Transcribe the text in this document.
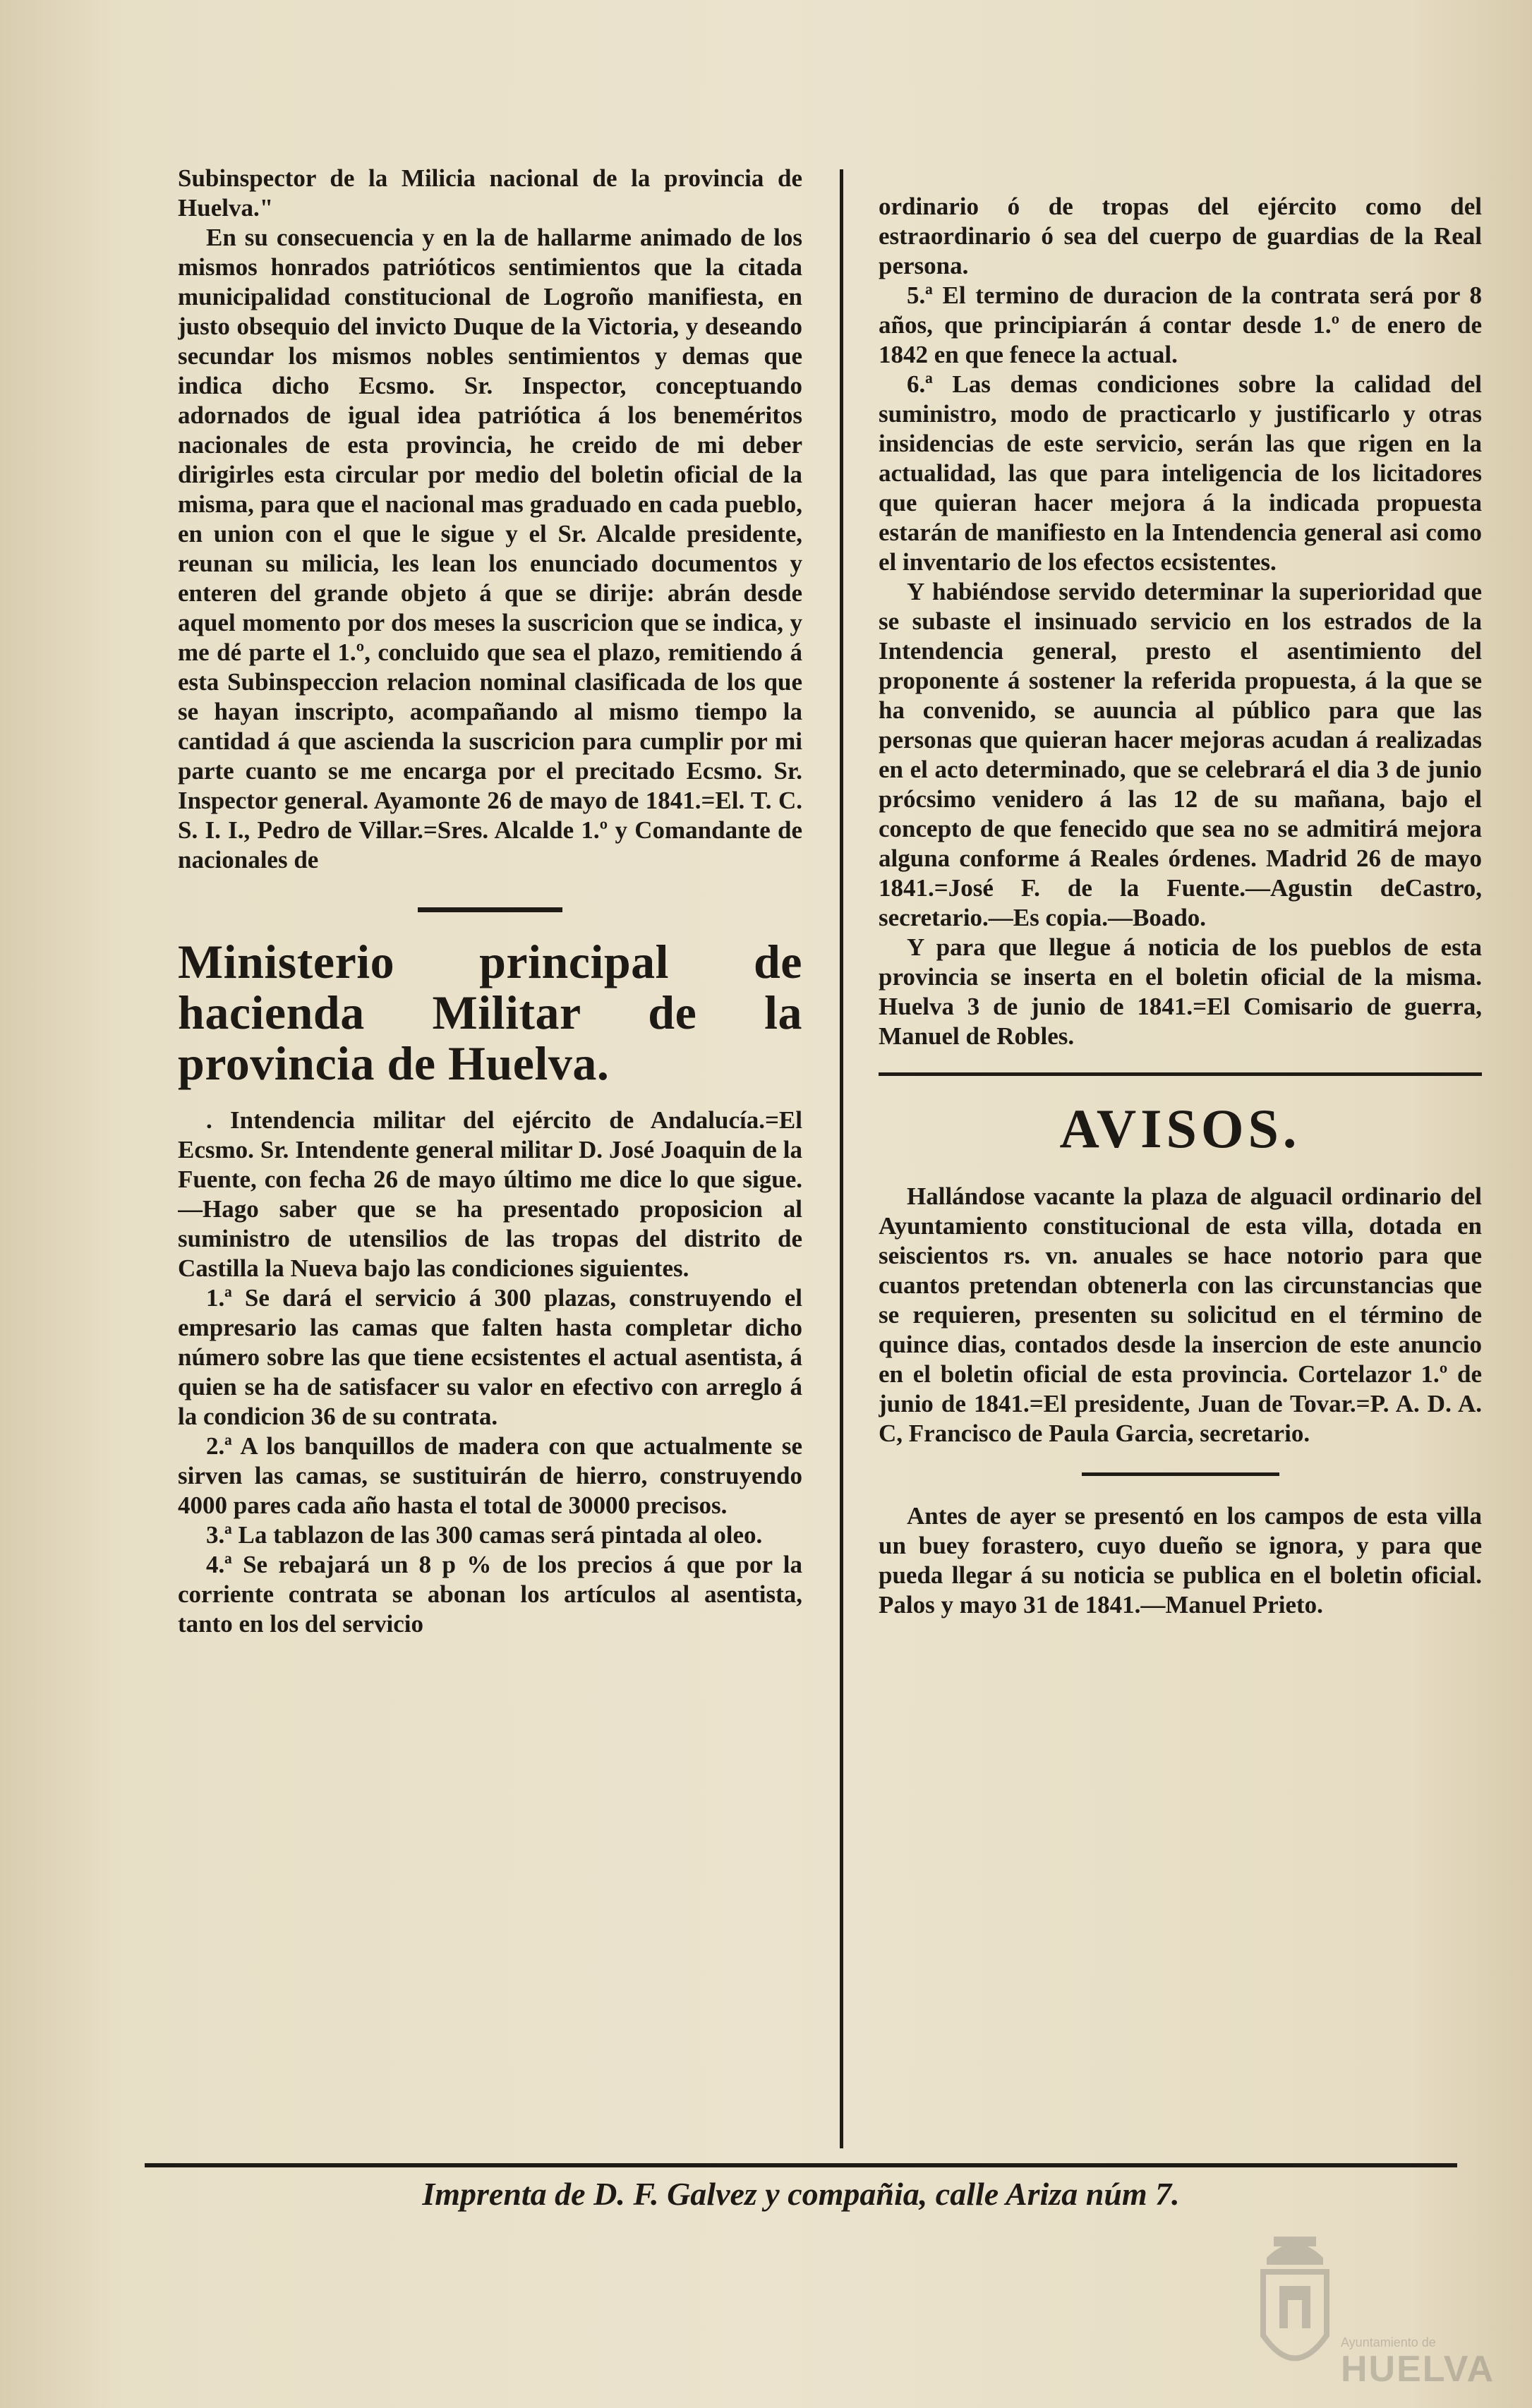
Subinspector de la Milicia nacional de la provincia de Huelva."

En su consecuencia y en la de hallarme animado de los mismos honrados patrióticos sentimientos que la citada municipalidad constitucional de Logroño manifiesta, en justo obsequio del invicto Duque de la Victoria, y deseando secundar los mismos nobles sentimientos y demas que indica dicho Ecsmo. Sr. Inspector, conceptuando adornados de igual idea patriótica á los beneméritos nacionales de esta provincia, he creido de mi deber dirigirles esta circular por medio del boletin oficial de la misma, para que el nacional mas graduado en cada pueblo, en union con el que le sigue y el Sr. Alcalde presidente, reunan su milicia, les lean los enunciado documentos y enteren del grande objeto á que se dirije: abrán desde aquel momento por dos meses la suscricion que se indica, y me dé parte el 1.º, concluido que sea el plazo, remitiendo á esta Subinspeccion relacion nominal clasificada de los que se hayan inscripto, acompañando al mismo tiempo la cantidad á que ascienda la suscricion para cumplir por mi parte cuanto se me encarga por el precitado Ecsmo. Sr. Inspector general. Ayamonte 26 de mayo de 1841.=El. T. C. S. I. I., Pedro de Villar.=Sres. Alcalde 1.º y Comandante de nacionales de

Ministerio principal de hacienda Militar de la provincia de Huelva.

. Intendencia militar del ejército de Andalucía.=El Ecsmo. Sr. Intendente general militar D. José Joaquin de la Fuente, con fecha 26 de mayo último me dice lo que sigue.—Hago saber que se ha presentado proposicion al suministro de utensilios de las tropas del distrito de Castilla la Nueva bajo las condiciones siguientes.

1.ª Se dará el servicio á 300 plazas, construyendo el empresario las camas que falten hasta completar dicho número sobre las que tiene ecsistentes el actual asentista, á quien se ha de satisfacer su valor en efectivo con arreglo á la condicion 36 de su contrata.

2.ª A los banquillos de madera con que actualmente se sirven las camas, se sustituirán de hierro, construyendo 4000 pares cada año hasta el total de 30000 precisos.

3.ª La tablazon de las 300 camas será pintada al oleo.

4.ª Se rebajará un 8 p % de los precios á que por la corriente contrata se abonan los artículos al asentista, tanto en los del servicio

ordinario ó de tropas del ejército como del estraordinario ó sea del cuerpo de guardias de la Real persona.

5.ª El termino de duracion de la contrata será por 8 años, que principiarán á contar desde 1.º de enero de 1842 en que fenece la actual.

6.ª Las demas condiciones sobre la calidad del suministro, modo de practicarlo y justificarlo y otras insidencias de este servicio, serán las que rigen en la actualidad, las que para inteligencia de los licitadores que quieran hacer mejora á la indicada propuesta estarán de manifiesto en la Intendencia general asi como el inventario de los efectos ecsistentes.

Y habiéndose servido determinar la superioridad que se subaste el insinuado servicio en los estrados de la Intendencia general, presto el asentimiento del proponente á sostener la referida propuesta, á la que se ha convenido, se auuncia al público para que las personas que quieran hacer mejoras acudan á realizadas en el acto determinado, que se celebrará el dia 3 de junio prócsimo venidero á las 12 de su mañana, bajo el concepto de que fenecido que sea no se admitirá mejora alguna conforme á Reales órdenes. Madrid 26 de mayo 1841.=José F. de la Fuente.—Agustin deCastro, secretario.—Es copia.—Boado.

Y para que llegue á noticia de los pueblos de esta provincia se inserta en el boletin oficial de la misma. Huelva 3 de junio de 1841.=El Comisario de guerra, Manuel de Robles.

AVISOS.

Hallándose vacante la plaza de alguacil ordinario del Ayuntamiento constitucional de esta villa, dotada en seiscientos rs. vn. anuales se hace notorio para que cuantos pretendan obtenerla con las circunstancias que se requieren, presenten su solicitud en el término de quince dias, contados desde la insercion de este anuncio en el boletin oficial de esta provincia. Cortelazor 1.º de junio de 1841.=El presidente, Juan de Tovar.=P. A. D. A. C, Francisco de Paula Garcia, secretario.

Antes de ayer se presentó en los campos de esta villa un buey forastero, cuyo dueño se ignora, y para que pueda llegar á su noticia se publica en el boletin oficial. Palos y mayo 31 de 1841.—Manuel Prieto.

Imprenta de D. F. Galvez y compañia, calle Ariza núm 7.
Ayuntamiento de
HUELVA
